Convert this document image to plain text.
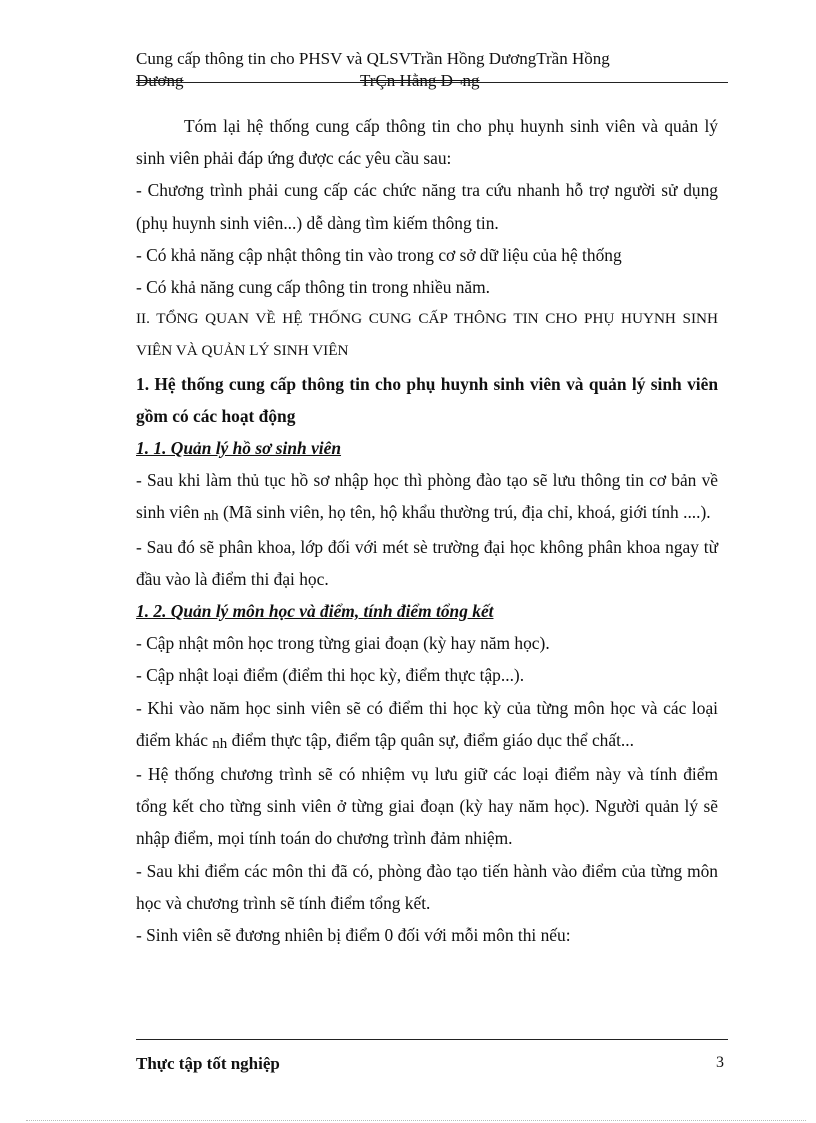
Cung cấp thông tin cho PHSV và QLSVTrần Hồng DươngTrần Hồng
Dương	TrÇn Hằng D¬ng

Tóm lại hệ thống cung cấp thông tin cho phụ huynh sinh viên và quản lý sinh viên phải đáp ứng được các yêu cầu sau:

- Chương trình phải cung cấp các chức năng tra cứu nhanh hỗ trợ người sử dụng (phụ huynh sinh viên...) dễ dàng tìm kiếm thông tin.

- Có khả năng cập nhật thông tin vào trong cơ sở dữ liệu của hệ thống

- Có khả năng cung cấp thông tin trong nhiều năm.

II. TỔNG QUAN VỀ HỆ THỐNG CUNG CẤP THÔNG TIN CHO PHỤ HUYNH SINH VIÊN VÀ QUẢN LÝ SINH VIÊN

1. Hệ thống cung cấp thông tin cho phụ huynh sinh viên và quản lý sinh viên gồm có các hoạt động

1. 1. Quản lý hồ sơ sinh viên

- Sau khi làm thủ tục hồ sơ nhập học thì phòng đào tạo sẽ lưu thông tin cơ bản về sinh viên nh (Mã sinh viên, họ tên, hộ khẩu thường trú, địa chỉ, khoá, giới tính ....).

- Sau đó sẽ phân khoa, lớp đối với mét sè trường đại học không phân khoa ngay từ đầu vào là điểm thi đại học.

1. 2. Quản lý môn học và điểm, tính điểm tổng kết

- Cập nhật môn học trong từng giai đoạn (kỳ hay năm học).

- Cập nhật loại điểm (điểm thi học kỳ, điểm thực tập...).

- Khi vào năm học sinh viên sẽ có điểm thi học kỳ của từng môn học và các loại điểm khác nh điểm thực tập, điểm tập quân sự, điểm giáo dục thể chất...

- Hệ thống chương trình sẽ có nhiệm vụ lưu giữ các loại điểm này và tính điểm tổng kết cho từng sinh viên ở từng giai đoạn (kỳ hay năm học). Người quản lý sẽ nhập điểm, mọi tính toán do chương trình đảm nhiệm.

- Sau khi điểm các môn thi đã có, phòng đào tạo tiến hành vào điểm của từng môn học và chương trình sẽ tính điểm tổng kết.

- Sinh viên sẽ đương nhiên bị điểm 0 đối với mỗi môn thi nếu:

Thực tập tốt nghiệp	3
